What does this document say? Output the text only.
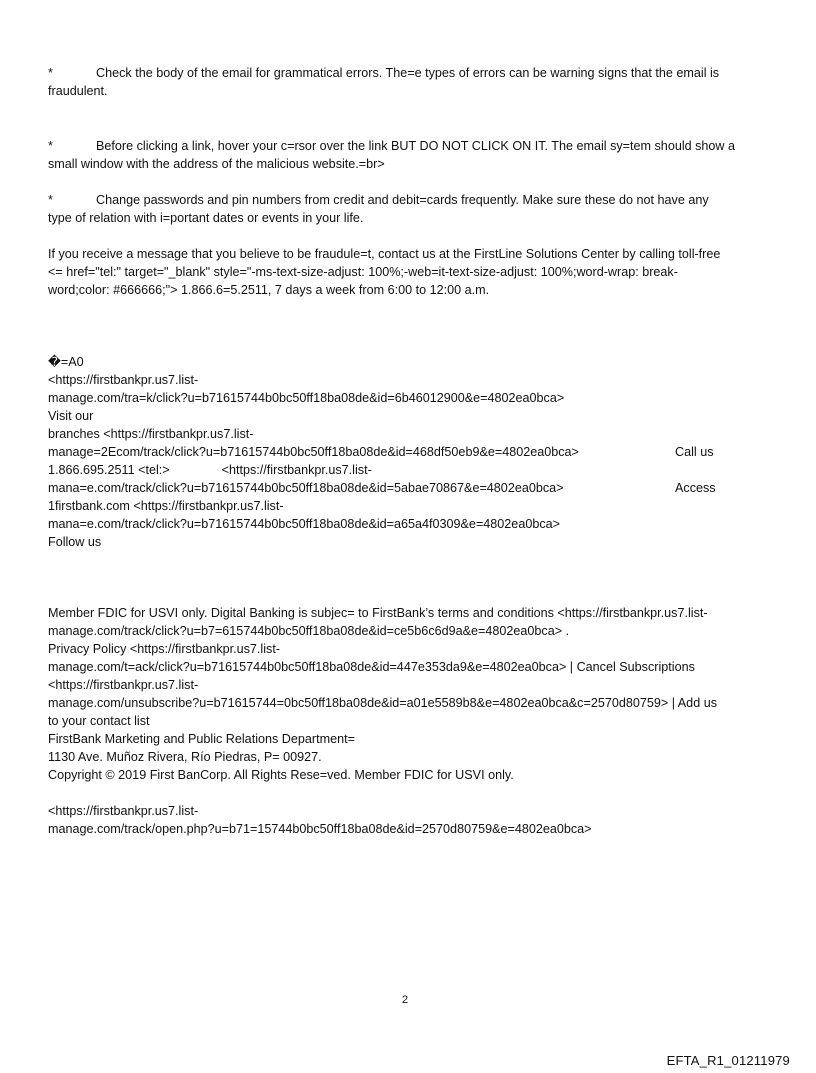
*	Check the body of the email for grammatical errors. The=e types of errors can be warning signs that the email is
fraudulent.
*	Before clicking a link, hover your c=rsor over the link BUT DO NOT CLICK ON IT. The email sy=tem should show a
small window with the address of the malicious website.=br>
*	Change passwords and pin numbers from credit and debit=cards frequently. Make sure these do not have any
type of relation with i=portant dates or events in your life.
If you receive a message that you believe to be fraudule=t, contact us at the FirstLine Solutions Center by calling toll-free
<= href="tel:" target="_blank" style="-ms-text-size-adjust: 100%;-web=it-text-size-adjust: 100%;word-wrap: break-
word;color: #666666;"> 1.866.6=5.2511, 7 days a week from 6:00 to 12:00 a.m.
�=A0
<https://firstbankpr.us7.list-
manage.com/tra=k/click?u=b71615744b0bc50ff18ba08de&id=6b46012900&e=4802ea0bca>
Visit our
branches <https://firstbankpr.us7.list-
manage=2Ecom/track/click?u=b71615744b0bc50ff18ba08de&id=468df50eb9&e=4802ea0bca>
1.866.695.2511 <tel:>	<https://firstbankpr.us7.list-
mana=e.com/track/click?u=b71615744b0bc50ff18ba08de&id=5abae70867&e=4802ea0bca>
1firstbank.com <https://firstbankpr.us7.list-
mana=e.com/track/click?u=b71615744b0bc50ff18ba08de&id=a65a4f0309&e=4802ea0bca>
Follow us
Call us
Access
Member FDIC for USVI only. Digital Banking is subjec= to FirstBank’s terms and conditions <https://firstbankpr.us7.list-
manage.com/track/click?u=b7=615744b0bc50ff18ba08de&id=ce5b6c6d9a&e=4802ea0bca> .
Privacy Policy <https://firstbankpr.us7.list-
manage.com/t=ack/click?u=b71615744b0bc50ff18ba08de&id=447e353da9&e=4802ea0bca> | Cancel Subscriptions
<https://firstbankpr.us7.list-
manage.com/unsubscribe?u=b71615744=0bc50ff18ba08de&id=a01e5589b8&e=4802ea0bca&c=2570d80759> | Add us
to your contact list
FirstBank Marketing and Public Relations Department=
1130 Ave. Muñoz Rivera, Río Piedras, P= 00927.
Copyright © 2019 First BanCorp. All Rights Rese=ved. Member FDIC for USVI only.
<https://firstbankpr.us7.list-
manage.com/track/open.php?u=b71=15744b0bc50ff18ba08de&id=2570d80759&e=4802ea0bca>
2
EFTA_R1_01211979
